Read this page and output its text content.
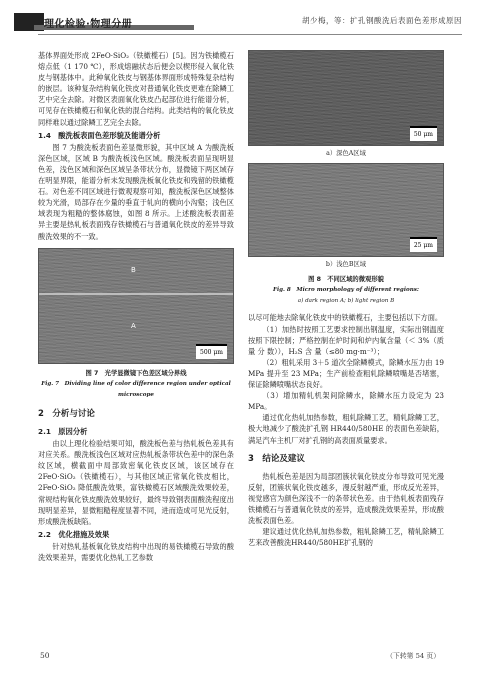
理化检验·物理分册	胡少梅，等：扩孔钢酸洗后表面色差形成原因

基体界面处形成 2FeO·SiO₂（铁橄榄石）[5]。因为铁橄榄石熔点低（1 170 ℃），形成熔融状态后便会以楔形侵入氧化铁皮与钢基体中。此种氧化铁皮与钢基体界面形成特殊复杂结构的嵌层。该种复杂结构氧化铁皮对普通氧化铁皮更难在除鳞工艺中完全去除。对微区表面氧化铁皮凸起部位进行能谱分析，可见存在铁橄榄石和氧化铁的混合结构。此类结构的氧化铁皮同样难以通过除鳞工艺完全去除。

1.4　酸洗板表面色差形貌及能谱分析

图 7 为酸洗板表面色差显微形貌，其中区域 A 为酸洗板深色区域，区域 B 为酸洗板浅色区域。酸洗板表面呈现明显色差，浅色区域和深色区域呈条带状分布，显微镜下两区域存在明显界限，能谱分析未发现酸洗板氧化铁皮和残留的铁橄榄石。对色差不同区域进行微观观察可知，酸洗板深色区域整体较为光滑，局部存在少量的垂直于轧向的横向小沟壑；浅色区域表现为粗糙的整体腐蚀，如图 8 所示。上述酸洗板表面差异主要是热轧板表面残存铁橄榄石与普通氧化铁皮的差异导致酸洗效果的不一致。

B
A
500 μm
图 7　光学显微镜下色差区域分界线
Fig. 7　Dividing line of color difference region under optical microscope
2　分析与讨论
2.1　原因分析

由以上理化检验结果可知，酸洗板色差与热轧板色差具有对应关系。酸洗板浅色区域对应热轧板条带状色差中的深色条纹区域，横截面中局部致密氧化铁皮区域，该区域存在 2FeO·SiO₂（铁橄榄石），与其他区域正常氧化铁皮相比，2FeO·SiO₂ 降低酸洗效果，富铁橄榄石区域酸洗效果较差，常规结构氧化铁皮酸洗效果较好，最终导致钢表面酸洗程度出现明显差异，显微粗糙程度显著不同，进而造成可见光反射，形成酸洗板缺陷。

2.2　优化措施及效果

针对热轧基板氧化铁皮结构中出现的易铁橄榄石导致的酸洗效果差异，需要优化热轧工艺参数

50 μm
a）深色A区域
25 μm
b）浅色B区域
图 8　不同区域的微观形貌
Fig. 8　Micro morphology of different regions:
a) dark region A; b) light region B

以尽可能地去除氧化铁皮中的铁橄榄石，主要包括以下方面。

（1）加热时按照工艺要求控制出钢温度，实际出钢温度按照下限控制；严格控制在炉时间和炉内氧含量（＜ 3%（质 量 分 数）），H₂S 含 量（≤80 mg·m⁻³）；

（2）粗轧采用 3＋5 道次全除鳞模式，除鳞水压力由 19 MPa 提升至 23 MPa；生产前检查粗轧除鳞喷嘴是否堵塞，保证除鳞喷嘴状态良好。

（3）增加精轧机架间除鳞水，除鳞水压力设定为 23 MPa。

通过优化热轧加热参数，粗轧除鳞工艺，精轧除鳞工艺，极大地减少了酸洗扩孔钢 HR440/580HE 的表面色差缺陷，满足汽车主机厂对扩孔钢的高表面质量要求。

3　结论及建议

热轧板色差是因为局部团簇状氧化铁皮分布导致可见光漫反射，团簇状氧化铁皮越多，漫反射越严重，形成反光差异，视觉感官为颜色深浅不一的条带状色差。由于热轧板表面残存铁橄榄石与普通氧化铁皮的差异，造成酸洗效果差异，形成酸洗板表面色差。

建议通过优化热轧加热参数，粗轧除鳞工艺，精轧除鳞工艺来改善酸洗HR440/580HE扩孔钢的

50	（下转第 54 页）
